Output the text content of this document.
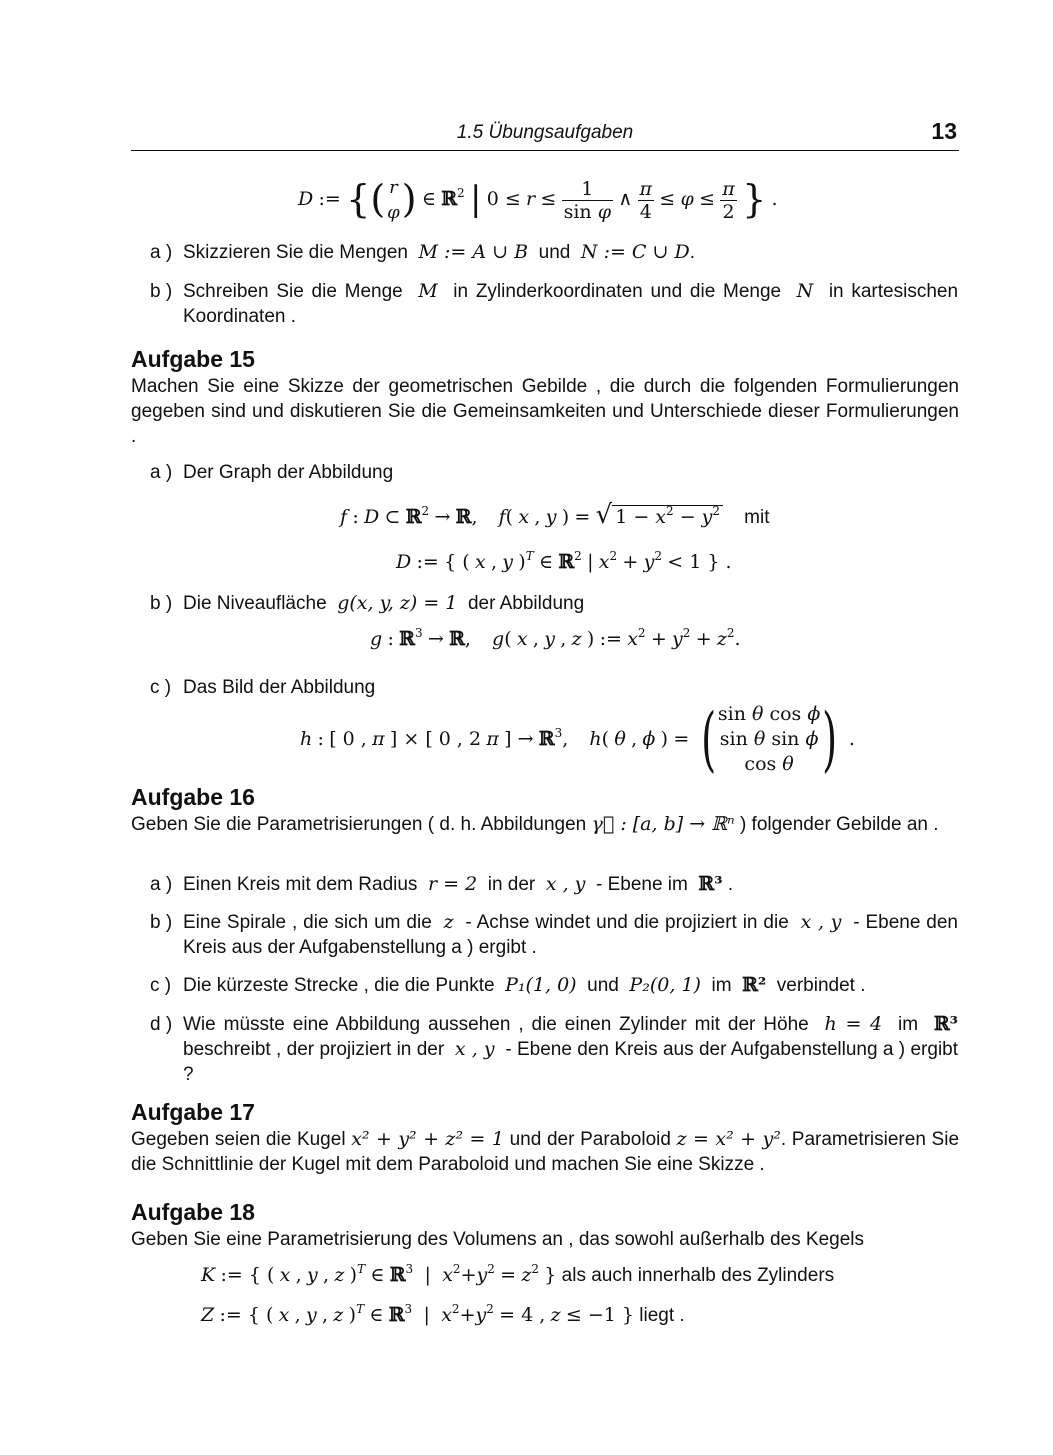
1.5 Übungsaufgaben	13
D := {( r
φ) ∈ ℝ$^2$ | $0 \le r \le \frac{1}{\text{sin φ}}$ ∧ $\frac{\pi}{4} \le \varphi \le \frac{\pi}{2}$ } .
a ) Skizzieren Sie die Mengen M := A ∪ B und N := C ∪ D.
b ) Schreiben Sie die Menge M in Zylinderkoordinaten und die Menge N in kartesischen Koordinaten .
Aufgabe 15
Machen Sie eine Skizze der geometrischen Gebilde , die durch die folgenden Formulierungen gegeben sind und diskutieren Sie die Gemeinsamkeiten und Unterschiede dieser Formulierungen .
a ) Der Graph der Abbildung
f : D ⊂ ℝ$^2$ → ℝ, f( x , y ) = √ $1 - x^2 - y^2$ mit
D := { ( x , y )$^T$ ∈ ℝ$^2$ | $x^2 + y^2 < 1$ } .
b ) Die Niveaufläche g(x, y, z) = 1 der Abbildung
g : ℝ$^3$ → ℝ, g( x , y , z ) := $x^2 + y^2 + z^2$.
c ) Das Bild der Abbildung
h : [ 0 , π ] × [ 0 , 2 π ] → ℝ$^3$, h( θ , ϕ ) = ( sin θ cos ϕ
sin θ sin ϕ
cos θ ) .
Aufgabe 16
Geben Sie die Parametrisierungen ( d. h. Abbildungen γ⃗ : [a, b] → ℝⁿ ) folgender Gebilde an .
a ) Einen Kreis mit dem Radius r = 2 in der x , y - Ebene im ℝ³ .
b ) Eine Spirale , die sich um die z - Achse windet und die projiziert in die x , y - Ebene den Kreis aus der Aufgabenstellung a ) ergibt .
c ) Die kürzeste Strecke , die die Punkte P₁(1, 0) und P₂(0, 1) im ℝ² verbindet .
d ) Wie müsste eine Abbildung aussehen , die einen Zylinder mit der Höhe h = 4 im ℝ³ beschreibt , der projiziert in der x , y - Ebene den Kreis aus der Aufgabenstellung a ) ergibt ?
Aufgabe 17
Gegeben seien die Kugel x² + y² + z² = 1 und der Paraboloid z = x² + y². Parametrisieren Sie die Schnittlinie der Kugel mit dem Paraboloid und machen Sie eine Skizze .
Aufgabe 18
Geben Sie eine Parametrisierung des Volumens an , das sowohl außerhalb des Kegels
K := { ( x , y , z )$^T$ ∈ ℝ$^3$  |  $x^2+y^2 = z^2$ } als auch innerhalb des Zylinders
Z := { ( x , y , z )$^T$ ∈ ℝ$^3$  |  $x^2+y^2 = 4$ , z ≤ −1 } liegt .
